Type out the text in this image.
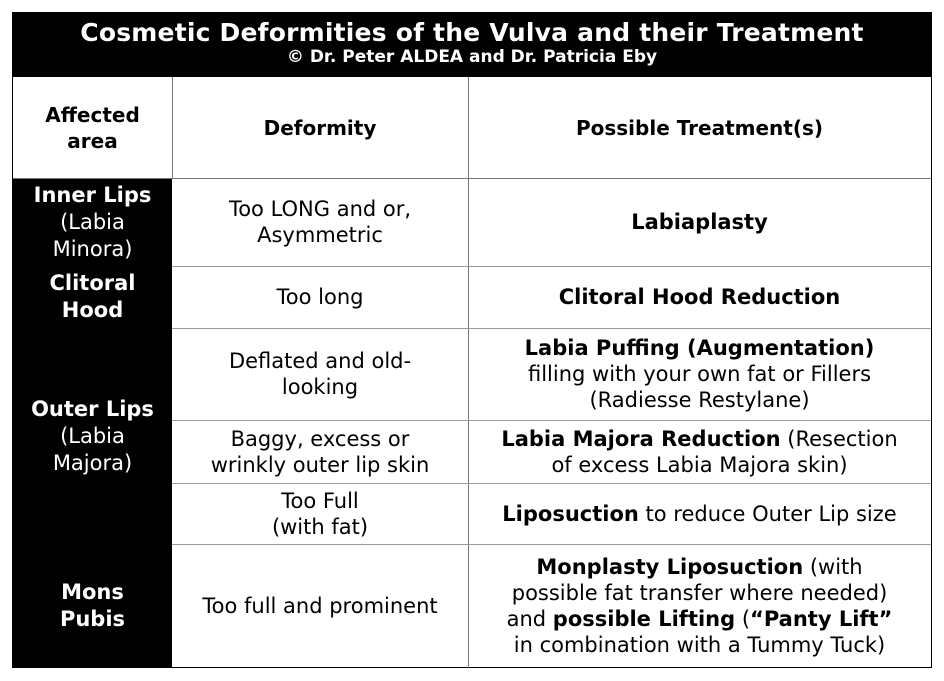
Cosmetic Deformities of the Vulva and their Treatment
© Dr. Peter ALDEA and Dr. Patricia Eby
Affected
area
Deformity	Possible Treatment(s)
Inner Lips
(Labia
Minora)
Clitoral
Hood
Outer Lips
(Labia
Majora)
Mons
Pubis
Too LONG and or,
Asymmetric
Labiaplasty
Too long	Clitoral Hood Reduction
Deflated and old-
looking
Labia Puffing (Augmentation)
filling with your own fat or Fillers
(Radiesse Restylane)
Baggy, excess or
wrinkly outer lip skin
Labia Majora Reduction (Resection
of excess Labia Majora skin)
Too Full
(with fat)
Liposuction to reduce Outer Lip size
Too full and prominent
Monplasty Liposuction (with
possible fat transfer where needed)
and possible Lifting (“Panty Lift”
in combination with a Tummy Tuck)
